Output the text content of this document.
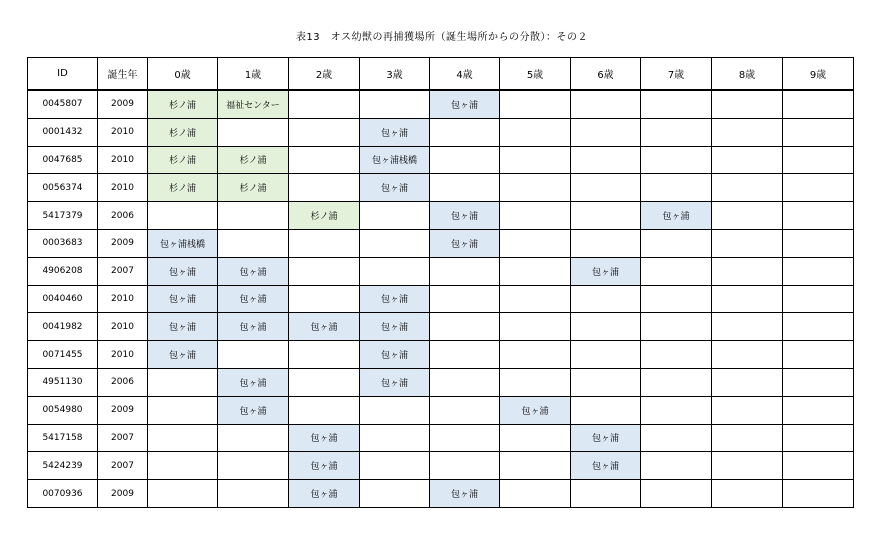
表13　オス幼獣の再捕獲場所（誕生場所からの分散）：その２
ID	誕生年	0歳	1歳	2歳	3歳	4歳	5歳	6歳	7歳	8歳	9歳
0045807	2009	杉ノ浦	福祉センター			包ヶ浦					
0001432	2010	杉ノ浦			包ヶ浦						
0047685	2010	杉ノ浦	杉ノ浦		包ヶ浦桟橋						
0056374	2010	杉ノ浦	杉ノ浦		包ヶ浦						
5417379	2006			杉ノ浦		包ヶ浦			包ヶ浦		
0003683	2009	包ヶ浦桟橋				包ヶ浦					
4906208	2007	包ヶ浦	包ヶ浦					包ヶ浦			
0040460	2010	包ヶ浦	包ヶ浦		包ヶ浦						
0041982	2010	包ヶ浦	包ヶ浦	包ヶ浦	包ヶ浦						
0071455	2010	包ヶ浦			包ヶ浦						
4951130	2006		包ヶ浦		包ヶ浦						
0054980	2009		包ヶ浦				包ヶ浦				
5417158	2007			包ヶ浦				包ヶ浦			
5424239	2007			包ヶ浦				包ヶ浦			
0070936	2009			包ヶ浦		包ヶ浦					
